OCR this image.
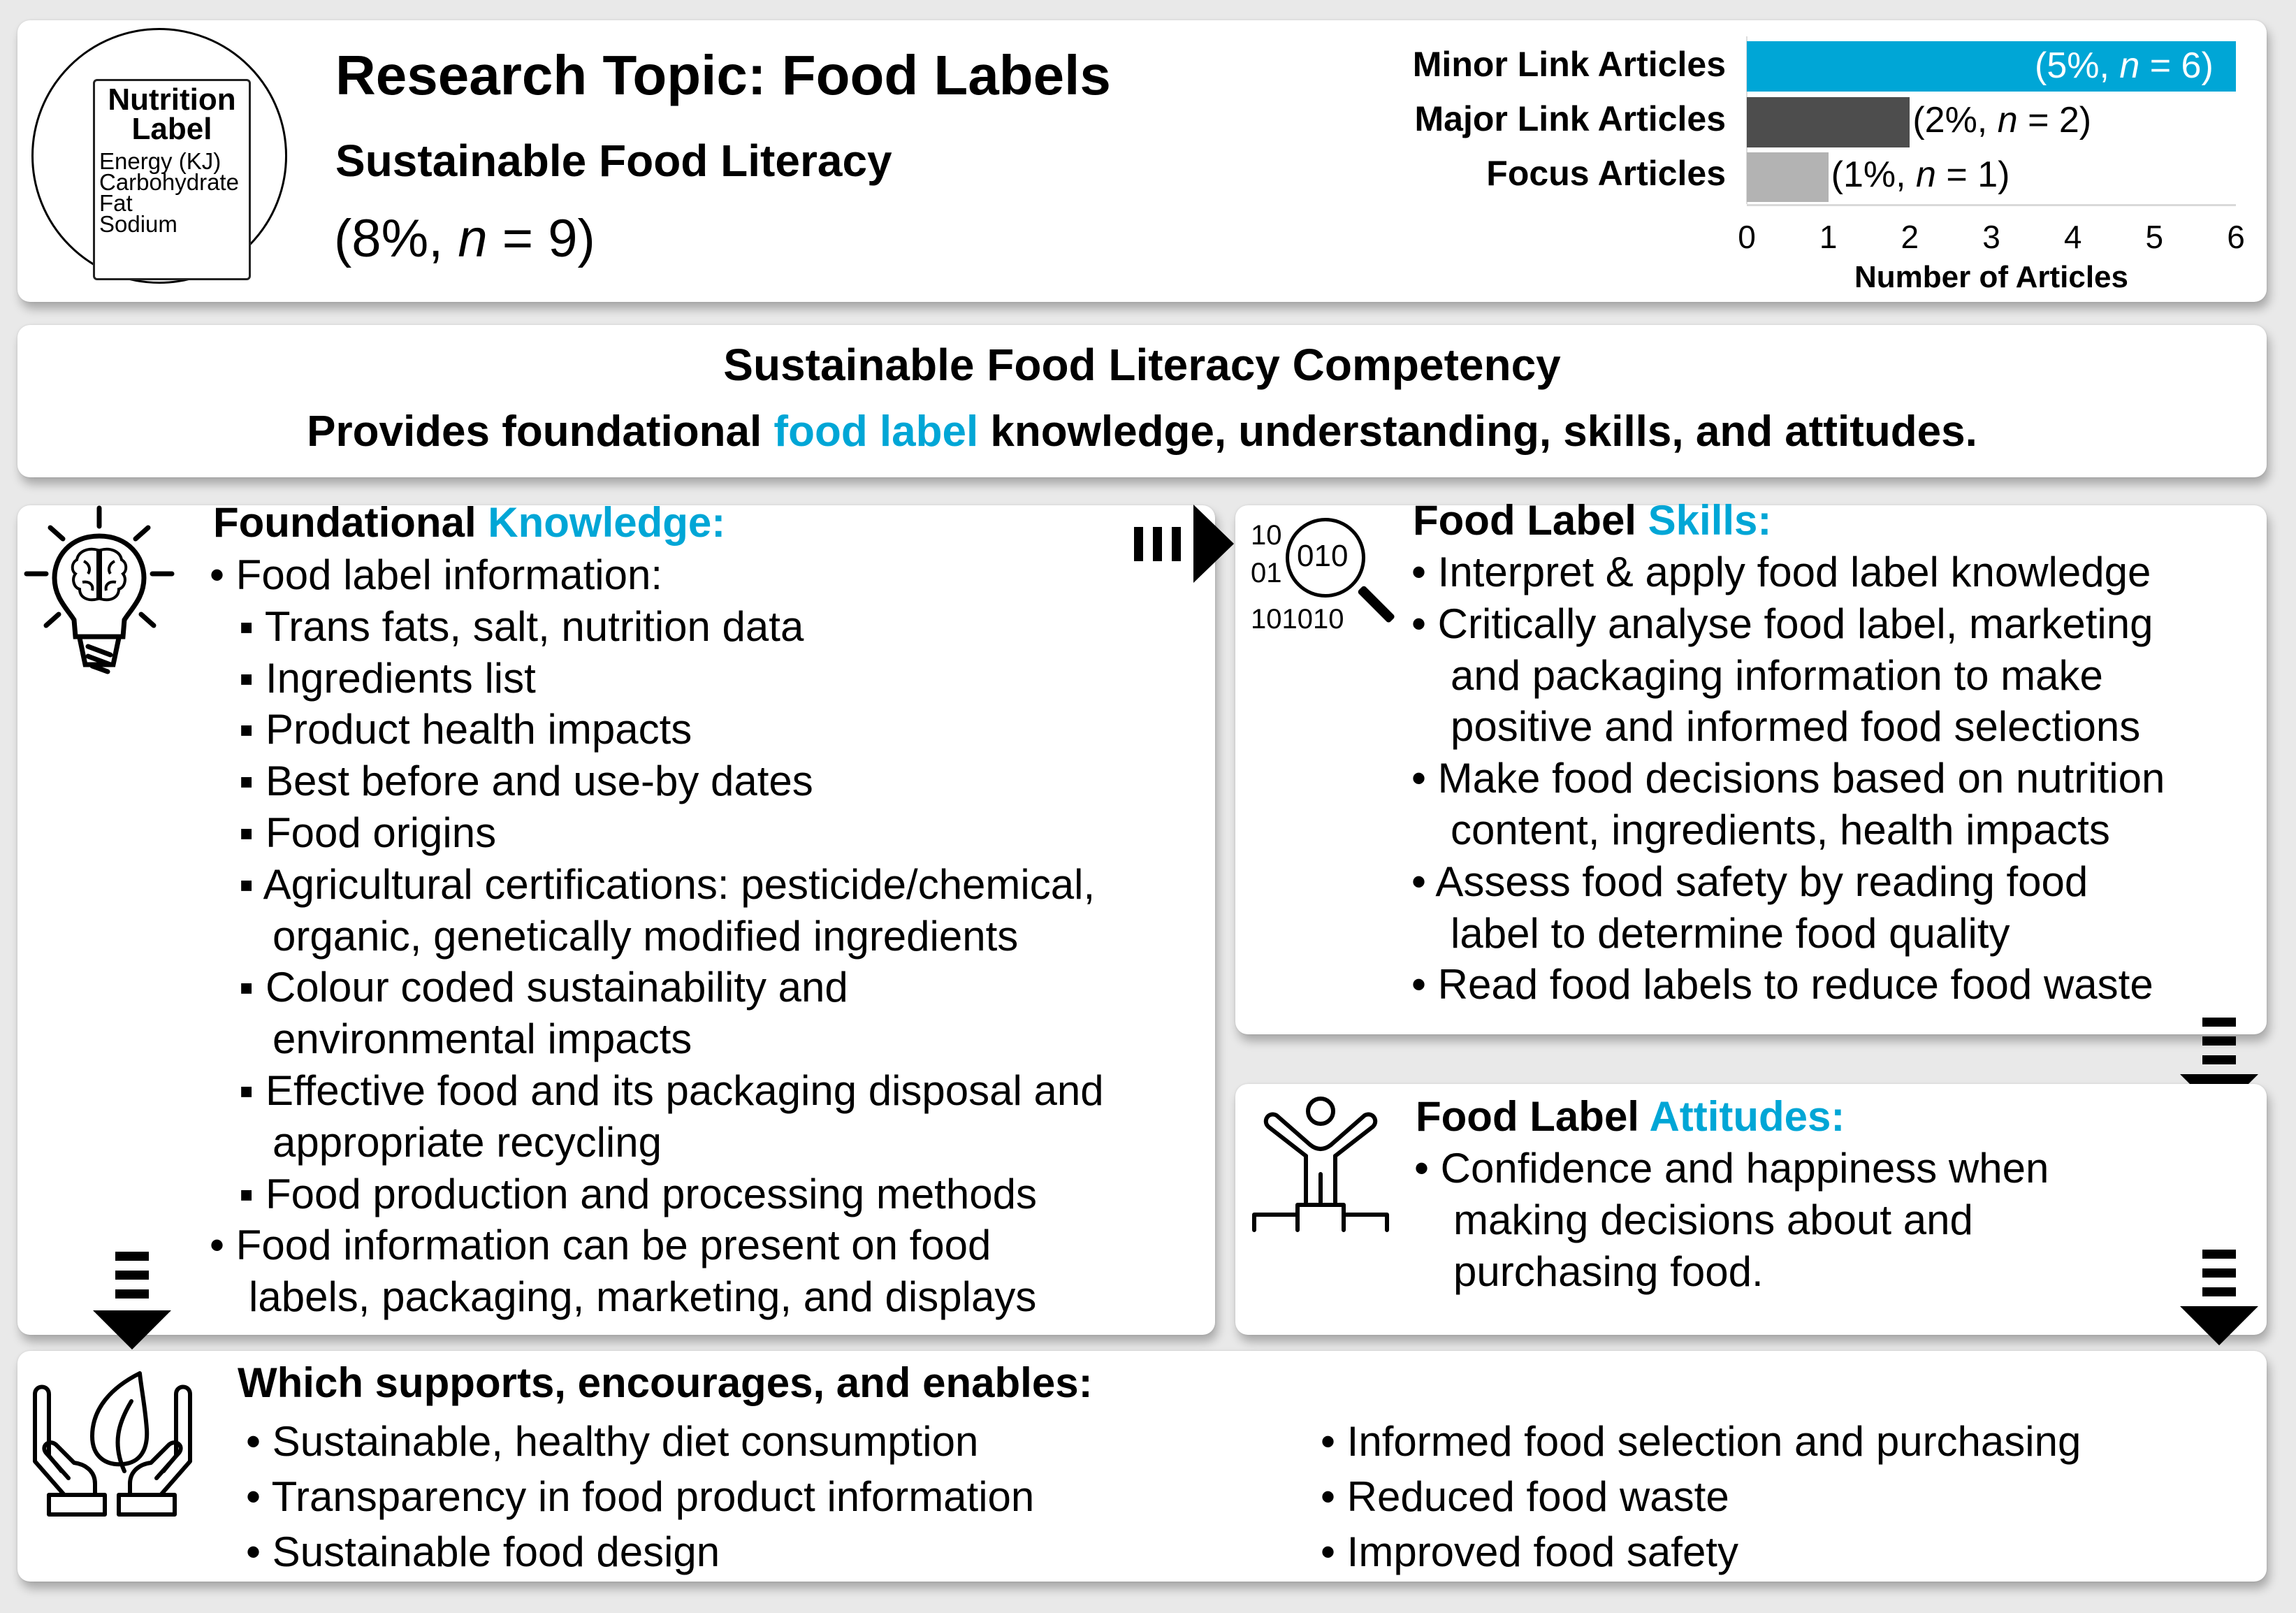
Nutrition
Label
Energy (KJ)
Carbohydrate
Fat
Sodium
Research Topic: Food Labels
Sustainable Food Literacy
(8%, n = 9)
Minor Link Articles	(5%, n = 6)
Major Link Articles	(2%, n = 2)
Focus Articles	(1%, n = 1)
0	1	2	3	4	5	6
Number of Articles
Sustainable Food Literacy Competency
Provides foundational food label knowledge, understanding, skills, and attitudes.
Foundational Knowledge:
• Food label information:
▪ Trans fats, salt, nutrition data
▪ Ingredients list
▪ Product health impacts
▪ Best before and use-by dates
▪ Food origins
▪ Agricultural certifications: pesticide/chemical,
organic, genetically modified ingredients
▪ Colour coded sustainability and
environmental impacts
▪ Effective food and its packaging disposal and
appropriate recycling
▪ Food production and processing methods
• Food information can be present on food
labels, packaging, marketing, and displays
10
01
101010
010
Food Label Skills:
• Interpret & apply food label knowledge
• Critically analyse food label, marketing
and packaging information to make
positive and informed food selections
• Make food decisions based on nutrition
content, ingredients, health impacts
• Assess food safety by reading food
label to determine food quality
• Read food labels to reduce food waste
Food Label Attitudes:
• Confidence and happiness when
making decisions about and
purchasing food.
Which supports, encourages, and enables:
• Sustainable, healthy diet consumption
• Transparency in food product information
• Sustainable food design
• Informed food selection and purchasing
• Reduced food waste
• Improved food safety
